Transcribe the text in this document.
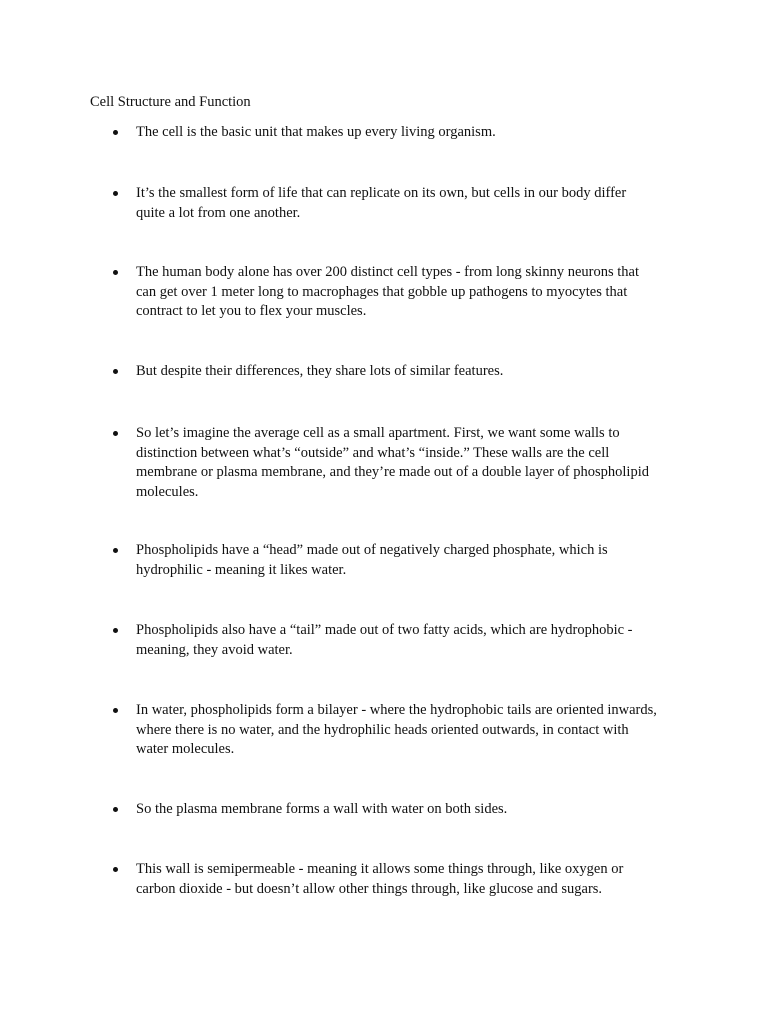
Cell Structure and Function
The cell is the basic unit that makes up every living organism.
It’s the smallest form of life that can replicate on its own, but cells in our body differ
quite a lot from one another.
The human body alone has over 200 distinct cell types - from long skinny neurons that
can get over 1 meter long to macrophages that gobble up pathogens to myocytes that
contract to let you to flex your muscles.
But despite their differences, they share lots of similar features.
So let’s imagine the average cell as a small apartment. First, we want some walls to
distinction between what’s “outside” and what’s “inside.” These walls are the cell
membrane or plasma membrane, and they’re made out of a double layer of phospholipid
molecules.
Phospholipids have a “head” made out of negatively charged phosphate, which is
hydrophilic - meaning it likes water.
Phospholipids also have a “tail” made out of two fatty acids, which are hydrophobic -
meaning, they avoid water.
In water, phospholipids form a bilayer - where the hydrophobic tails are oriented inwards,
where there is no water, and the hydrophilic heads oriented outwards, in contact with
water molecules.
So the plasma membrane forms a wall with water on both sides.
This wall is semipermeable - meaning it allows some things through, like oxygen or
carbon dioxide - but doesn’t allow other things through, like glucose and sugars.
